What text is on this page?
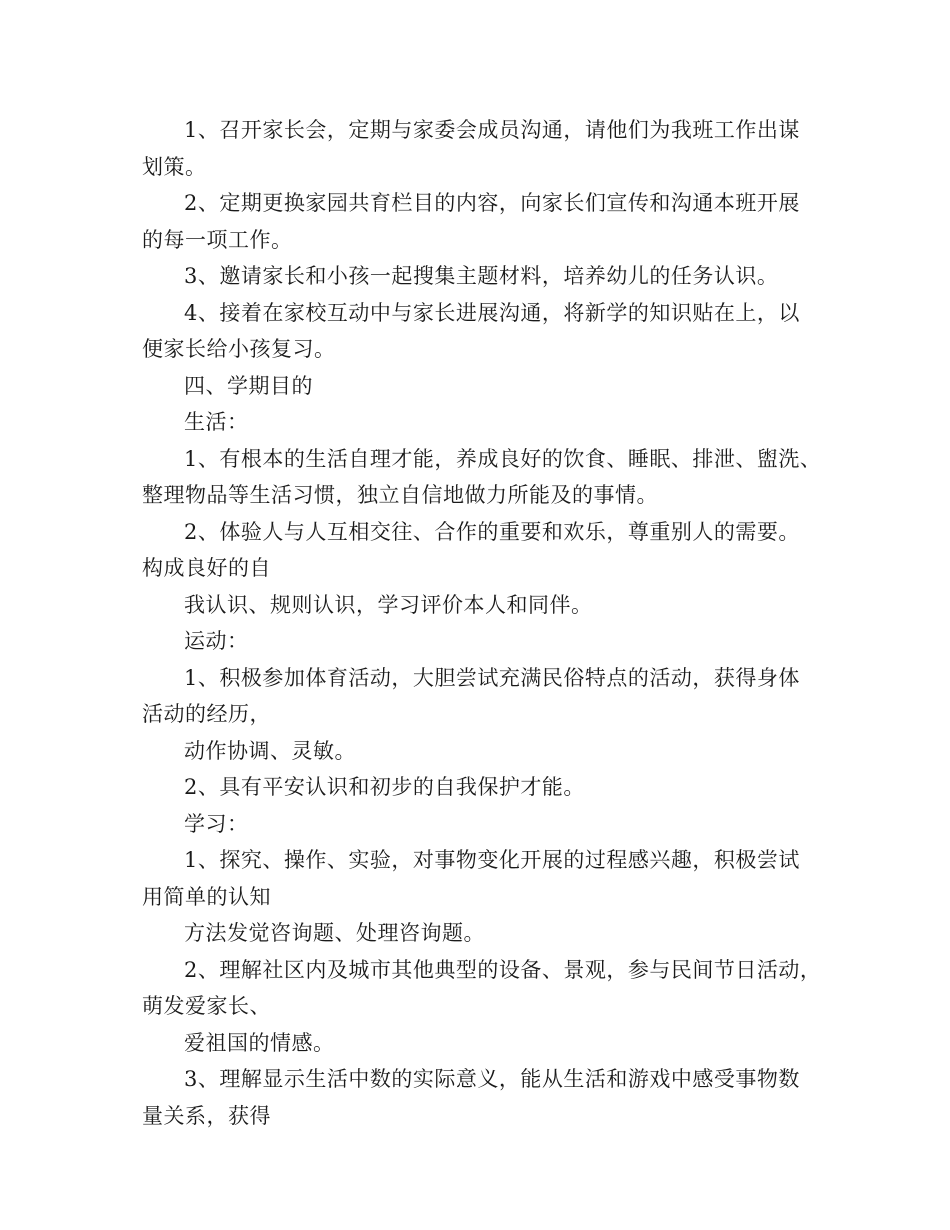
1、召开家长会，定期与家委会成员沟通，请他们为我班工作出谋
划策。
2、定期更换家园共育栏目的内容，向家长们宣传和沟通本班开展
的每一项工作。
3、邀请家长和小孩一起搜集主题材料，培养幼儿的任务认识。
4、接着在家校互动中与家长进展沟通，将新学的知识贴在上，以
便家长给小孩复习。
四、学期目的
生活：
1、有根本的生活自理才能，养成良好的饮食、睡眠、排泄、盥洗、
整理物品等生活习惯，独立自信地做力所能及的事情。
2、体验人与人互相交往、合作的重要和欢乐，尊重别人的需要。
构成良好的自
我认识、规则认识，学习评价本人和同伴。
运动：
1、积极参加体育活动，大胆尝试充满民俗特点的活动，获得身体
活动的经历，
动作协调、灵敏。
2、具有平安认识和初步的自我保护才能。
学习：
1、探究、操作、实验，对事物变化开展的过程感兴趣，积极尝试
用简单的认知
方法发觉咨询题、处理咨询题。
2、理解社区内及城市其他典型的设备、景观，参与民间节日活动，
萌发爱家长、
爱祖国的情感。
3、理解显示生活中数的实际意义，能从生活和游戏中感受事物数
量关系，获得
